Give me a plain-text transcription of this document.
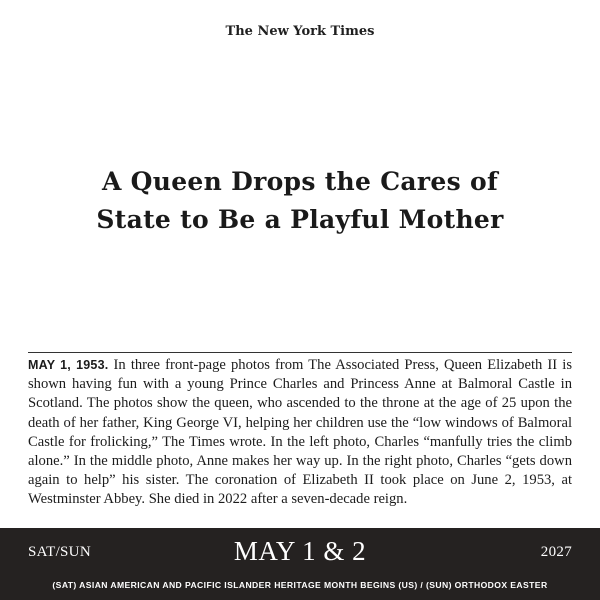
The New York Times
A Queen Drops the Cares of
State to Be a Playful Mother
MAY 1, 1953. In three front-page photos from The Associated Press, Queen Elizabeth II is shown having fun with a young Prince Charles and Princess Anne at Balmoral Castle in Scotland. The photos show the queen, who ascended to the throne at the age of 25 upon the death of her father, King George VI, helping her children use the “low windows of Balmoral Castle for frolicking,” The Times wrote. In the left photo, Charles “manfully tries the climb alone.” In the middle photo, Anne makes her way up. In the right photo, Charles “gets down again to help” his sister. The coronation of Elizabeth II took place on June 2, 1953, at Westminster Abbey. She died in 2022 after a seven-decade reign.
SAT/SUN	MAY 1 & 2	2027
(SAT) ASIAN AMERICAN AND PACIFIC ISLANDER HERITAGE MONTH BEGINS (US) / (SUN) ORTHODOX EASTER
